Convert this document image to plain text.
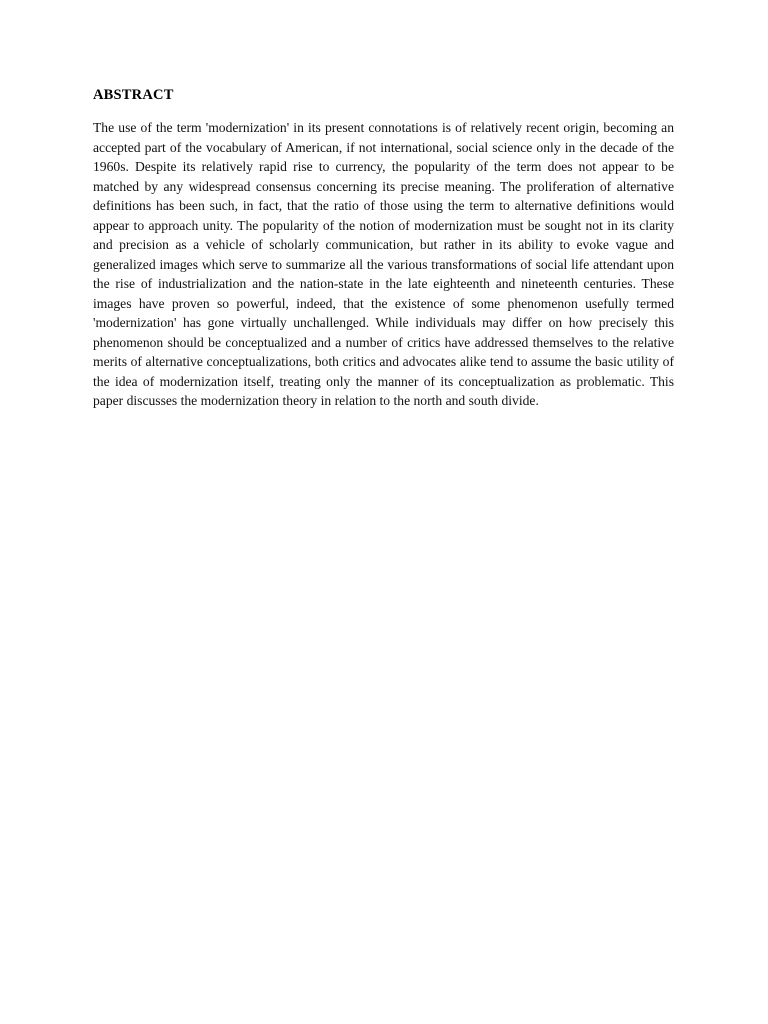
ABSTRACT

The use of the term 'modernization' in its present connotations is of relatively recent origin, becoming an accepted part of the vocabulary of American, if not international, social science only in the decade of the 1960s. Despite its relatively rapid rise to currency, the popularity of the term does not appear to be matched by any widespread consensus concerning its precise meaning. The proliferation of alternative definitions has been such, in fact, that the ratio of those using the term to alternative definitions would appear to approach unity. The popularity of the notion of modernization must be sought not in its clarity and precision as a vehicle of scholarly communication, but rather in its ability to evoke vague and generalized images which serve to summarize all the various transformations of social life attendant upon the rise of industrialization and the nation-state in the late eighteenth and nineteenth centuries. These images have proven so powerful, indeed, that the existence of some phenomenon usefully termed 'modernization' has gone virtually unchallenged. While individuals may differ on how precisely this phenomenon should be conceptualized and a number of critics have addressed themselves to the relative merits of alternative conceptualizations, both critics and advocates alike tend to assume the basic utility of the idea of modernization itself, treating only the manner of its conceptualization as problematic. This paper discusses the modernization theory in relation to the north and south divide.
